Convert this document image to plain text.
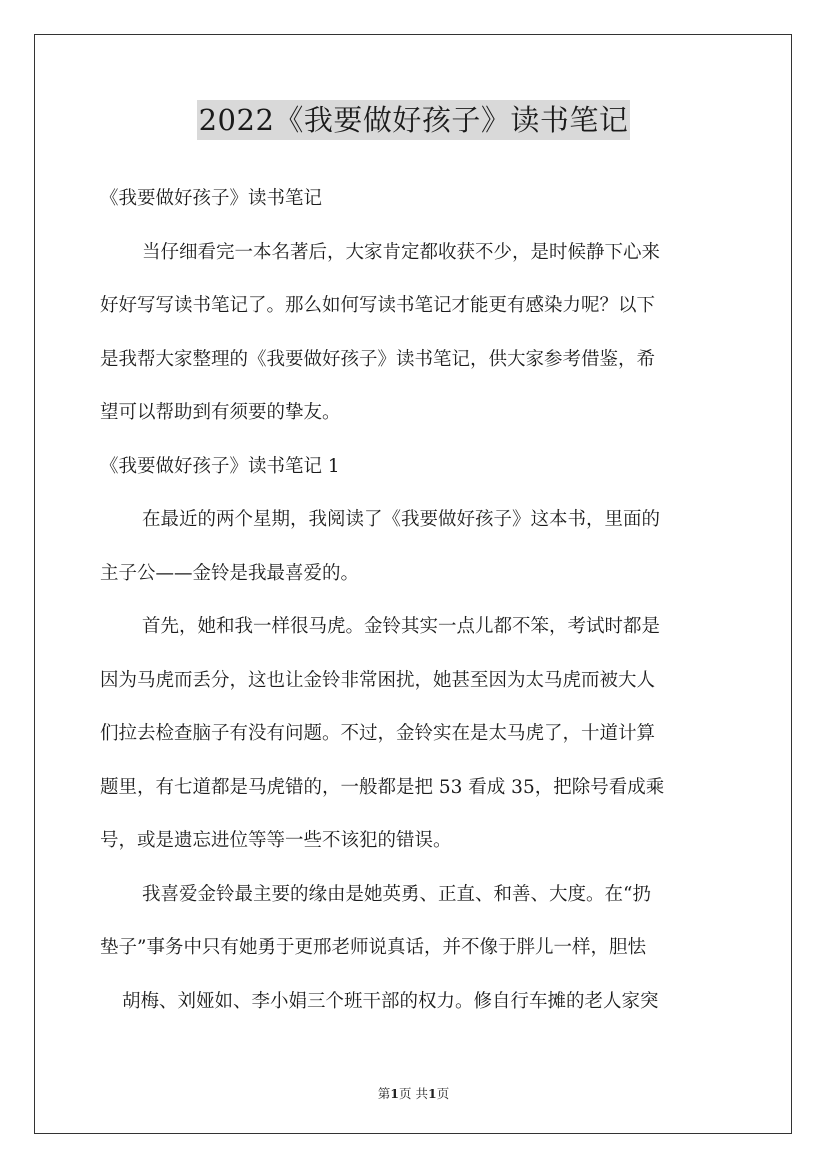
2022《我要做好孩子》读书笔记
《我要做好孩子》读书笔记
当仔细看完一本名著后，大家肯定都收获不少，是时候静下心来
好好写写读书笔记了。那么如何写读书笔记才能更有感染力呢？以下
是我帮大家整理的《我要做好孩子》读书笔记，供大家参考借鉴，希
望可以帮助到有须要的挚友。
《我要做好孩子》读书笔记 1
在最近的两个星期，我阅读了《我要做好孩子》这本书，里面的
主子公——金铃是我最喜爱的。
首先，她和我一样很马虎。金铃其实一点儿都不笨，考试时都是
因为马虎而丢分，这也让金铃非常困扰，她甚至因为太马虎而被大人
们拉去检查脑子有没有问题。不过，金铃实在是太马虎了，十道计算
题里，有七道都是马虎错的，一般都是把 53 看成 35，把除号看成乘
号，或是遗忘进位等等一些不该犯的错误。
我喜爱金铃最主要的缘由是她英勇、正直、和善、大度。在“扔
垫子”事务中只有她勇于更邢老师说真话，并不像于胖儿一样，胆怯
胡梅、刘娅如、李小娟三个班干部的权力。修自行车摊的老人家突
第1页 共1页
